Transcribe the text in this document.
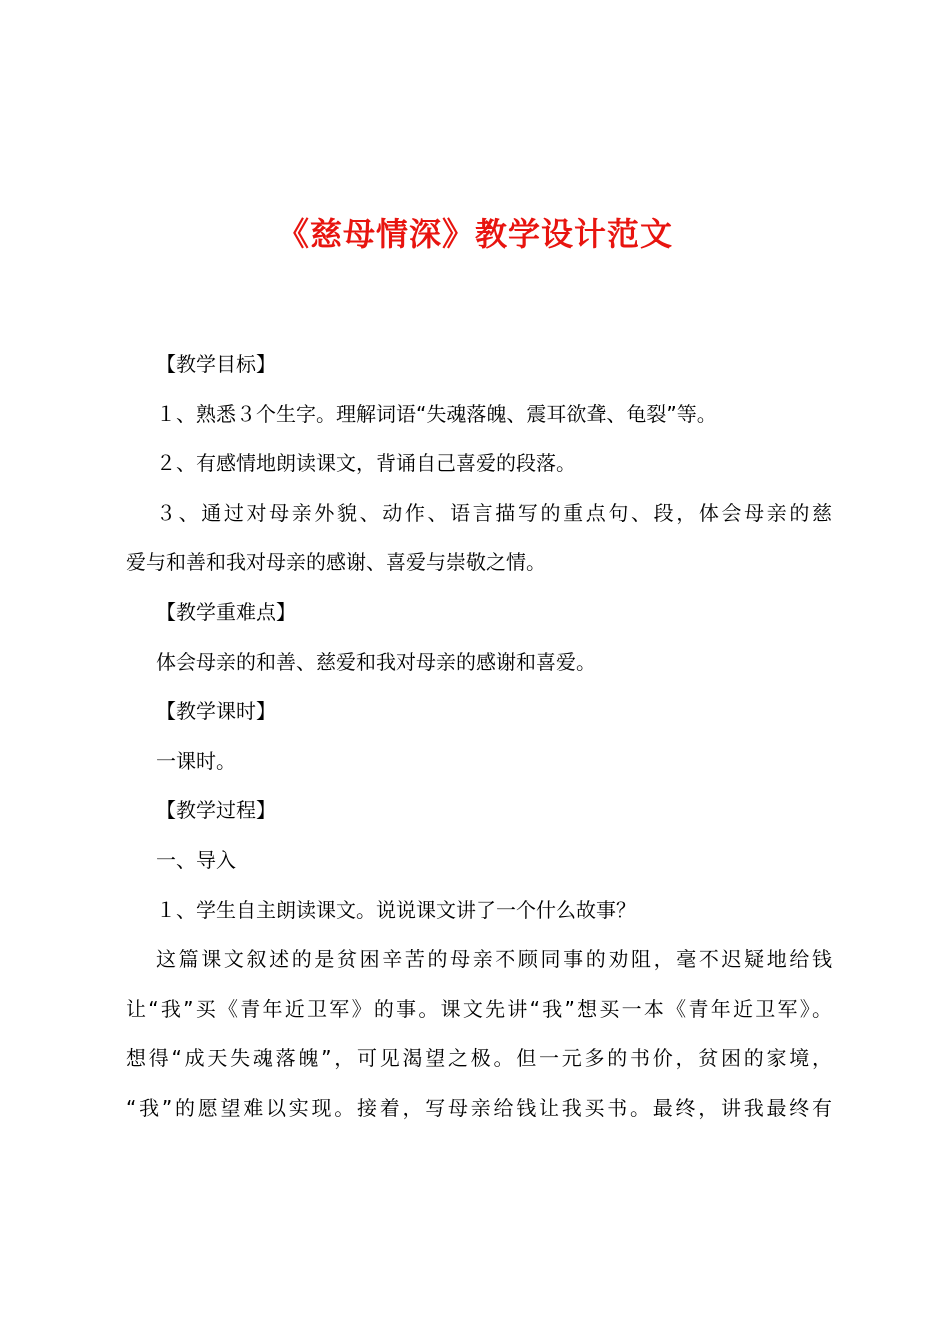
《慈母情深》教学设计范文
【教学目标】
１、熟悉３个生字。理解词语“失魂落魄、震耳欲聋、龟裂”等。
２、有感情地朗读课文，背诵自己喜爱的段落。
３、通过对母亲外貌、动作、语言描写的重点句、段，体会母亲的慈
爱与和善和我对母亲的感谢、喜爱与崇敬之情。
【教学重难点】
体会母亲的和善、慈爱和我对母亲的感谢和喜爱。
【教学课时】
一课时。
【教学过程】
一、导入
１、学生自主朗读课文。说说课文讲了一个什么故事？
这篇课文叙述的是贫困辛苦的母亲不顾同事的劝阻，毫不迟疑地给钱
让“我”买《青年近卫军》的事。课文先讲“我”想买一本《青年近卫军》。
想得“成天失魂落魄”，可见渴望之极。但一元多的书价，贫困的家境，
“我”的愿望难以实现。接着，写母亲给钱让我买书。最终，讲我最终有
